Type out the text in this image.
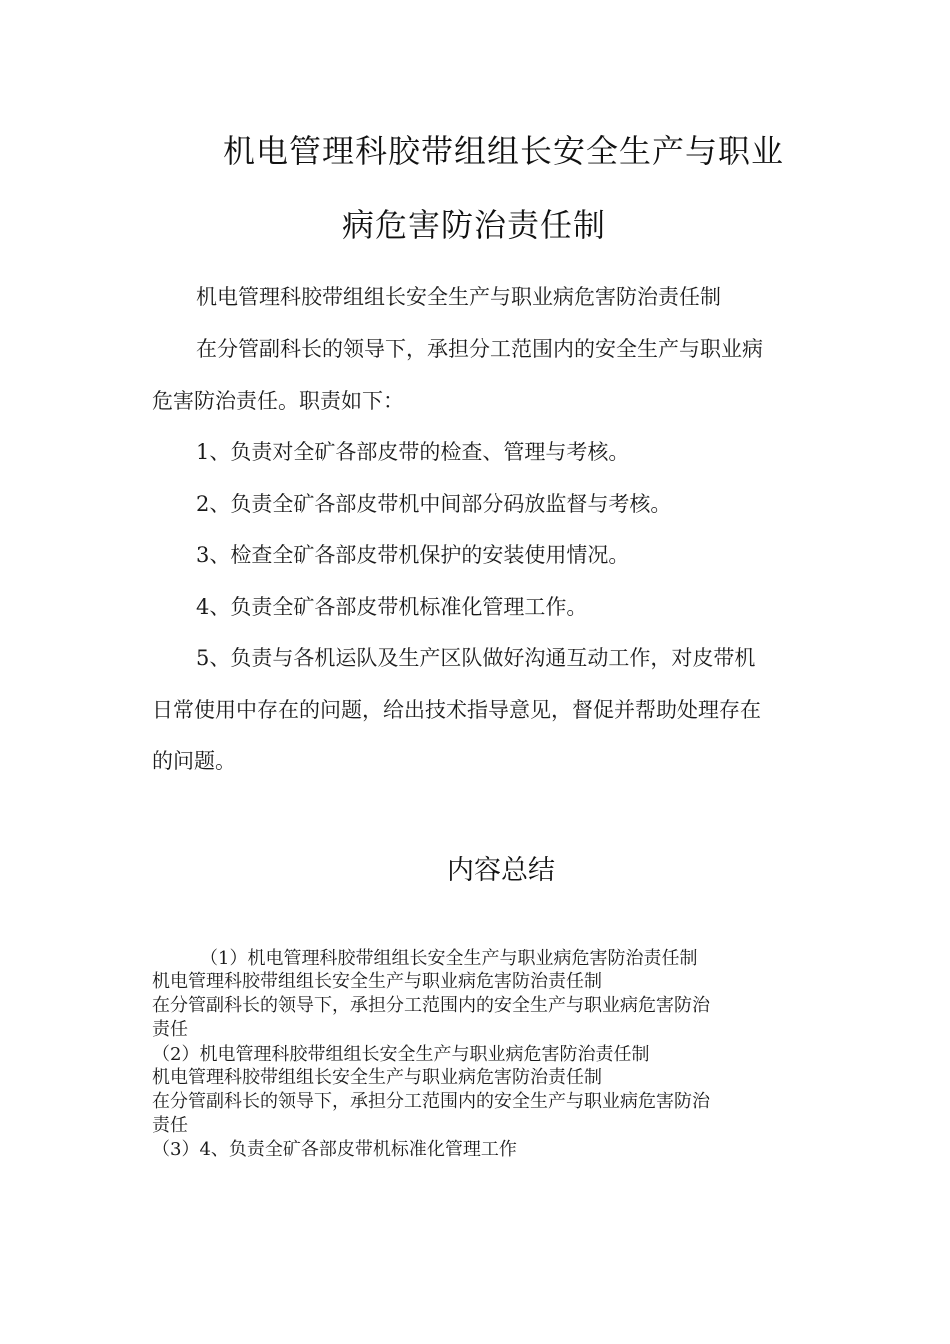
机电管理科胶带组组长安全生产与职业
病危害防治责任制
机电管理科胶带组组长安全生产与职业病危害防治责任制
在分管副科长的领导下，承担分工范围内的安全生产与职业病
危害防治责任。职责如下：
1、负责对全矿各部皮带的检查、管理与考核。
2、负责全矿各部皮带机中间部分码放监督与考核。
3、检查全矿各部皮带机保护的安装使用情况。
4、负责全矿各部皮带机标准化管理工作。
5、负责与各机运队及生产区队做好沟通互动工作，对皮带机
日常使用中存在的问题，给出技术指导意见，督促并帮助处理存在
的问题。
内容总结
（1）机电管理科胶带组组长安全生产与职业病危害防治责任制
机电管理科胶带组组长安全生产与职业病危害防治责任制
在分管副科长的领导下，承担分工范围内的安全生产与职业病危害防治
责任
（2）机电管理科胶带组组长安全生产与职业病危害防治责任制
机电管理科胶带组组长安全生产与职业病危害防治责任制
在分管副科长的领导下，承担分工范围内的安全生产与职业病危害防治
责任
（3）4、负责全矿各部皮带机标准化管理工作
